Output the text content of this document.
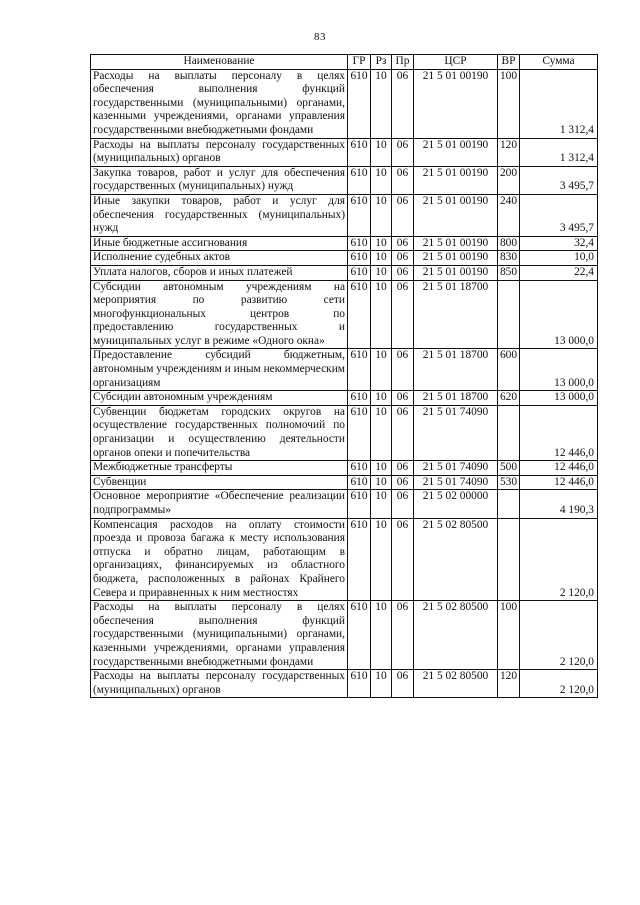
83
Наименование	ГР	Рз	Пр	ЦСР	ВР	Сумма
Расходы на выплаты персоналу в целях обеспечения выполнения функций государственными (муниципальными) органами, казенными учреждениями, органами управления государственными внебюджетными фондами	610	10	06	21 5 01 00190	100	1 312,4
Расходы на выплаты персоналу государственных (муниципальных) органов	610	10	06	21 5 01 00190	120	1 312,4
Закупка товаров, работ и услуг для обеспечения государственных (муниципальных) нужд	610	10	06	21 5 01 00190	200	3 495,7
Иные закупки товаров, работ и услуг для обеспечения государственных (муниципальных) нужд	610	10	06	21 5 01 00190	240	3 495,7
Иные бюджетные ассигнования	610	10	06	21 5 01 00190	800	32,4
Исполнение судебных актов	610	10	06	21 5 01 00190	830	10,0
Уплата налогов, сборов и иных платежей	610	10	06	21 5 01 00190	850	22,4
Субсидии автономным учреждениям на мероприятия по развитию сети многофункциональных центров по предоставлению государственных и муниципальных услуг в режиме «Одного окна»	610	10	06	21 5 01 18700		13 000,0
Предоставление субсидий бюджетным, автономным учреждениям и иным некоммерческим организациям	610	10	06	21 5 01 18700	600	13 000,0
Субсидии автономным учреждениям	610	10	06	21 5 01 18700	620	13 000,0
Субвенции бюджетам городских округов на осуществление государственных полномочий по организации и осуществлению деятельности органов опеки и попечительства	610	10	06	21 5 01 74090		12 446,0
Межбюджетные трансферты	610	10	06	21 5 01 74090	500	12 446,0
Субвенции	610	10	06	21 5 01 74090	530	12 446,0
Основное мероприятие «Обеспечение реализации подпрограммы»	610	10	06	21 5 02 00000		4 190,3
Компенсация расходов на оплату стоимости проезда и провоза багажа к месту использования отпуска и обратно лицам, работающим в организациях, финансируемых из областного бюджета, расположенных в районах Крайнего Севера и приравненных к ним местностях	610	10	06	21 5 02 80500		2 120,0
Расходы на выплаты персоналу в целях обеспечения выполнения функций государственными (муниципальными) органами, казенными учреждениями, органами управления государственными внебюджетными фондами	610	10	06	21 5 02 80500	100	2 120,0
Расходы на выплаты персоналу государственных (муниципальных) органов	610	10	06	21 5 02 80500	120	2 120,0
